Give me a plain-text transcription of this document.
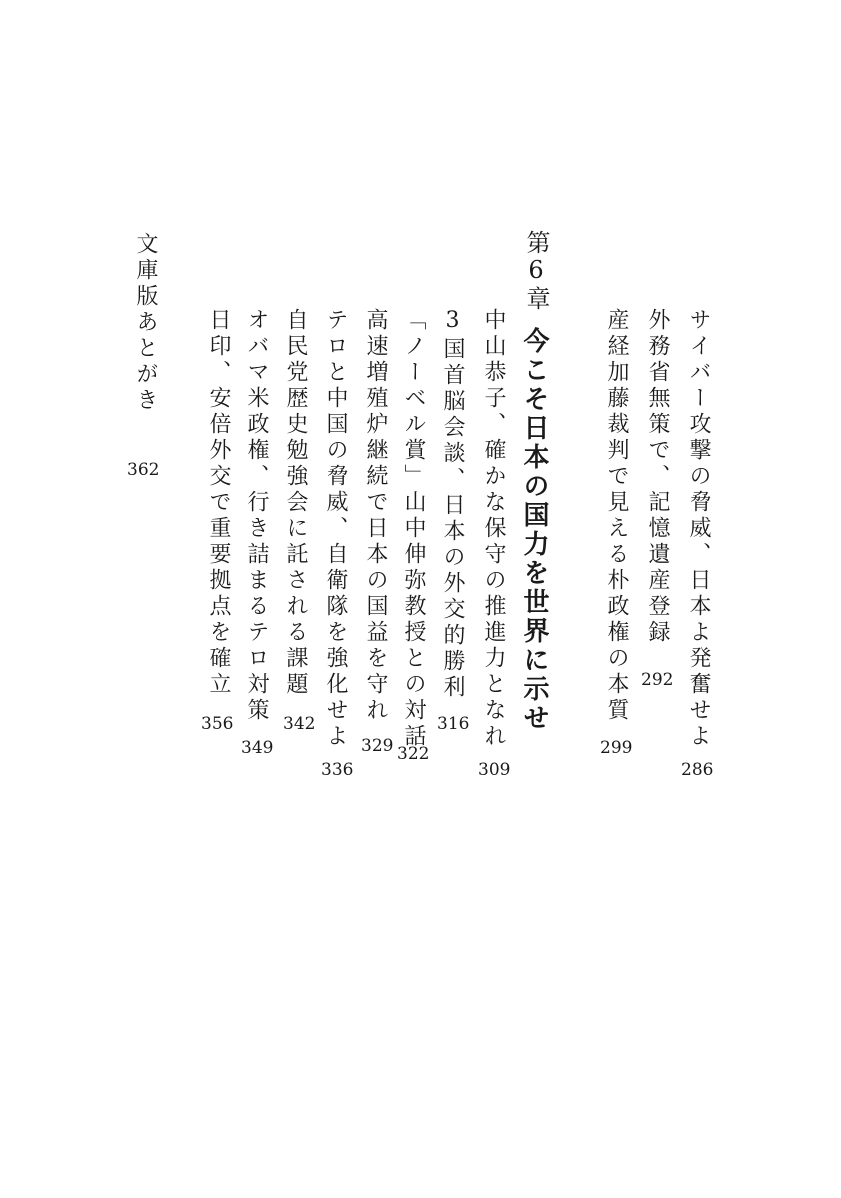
サイバー攻撃の脅威、日本よ発奮せよ
286
外務省無策で、記憶遺産登録
292
産経加藤裁判で見える朴政権の本質
299
第6章
今こそ日本の国力を世界に示せ
中山恭子、確かな保守の推進力となれ
309
3国首脳会談、日本の外交的勝利
316
「ノーベル賞」山中伸弥教授との対話
322
高速増殖炉継続で日本の国益を守れ
329
テロと中国の脅威、自衛隊を強化せよ
336
自民党歴史勉強会に託される課題
342
オバマ米政権、行き詰まるテロ対策
349
日印、安倍外交で重要拠点を確立
356
文庫版あとがき
362
